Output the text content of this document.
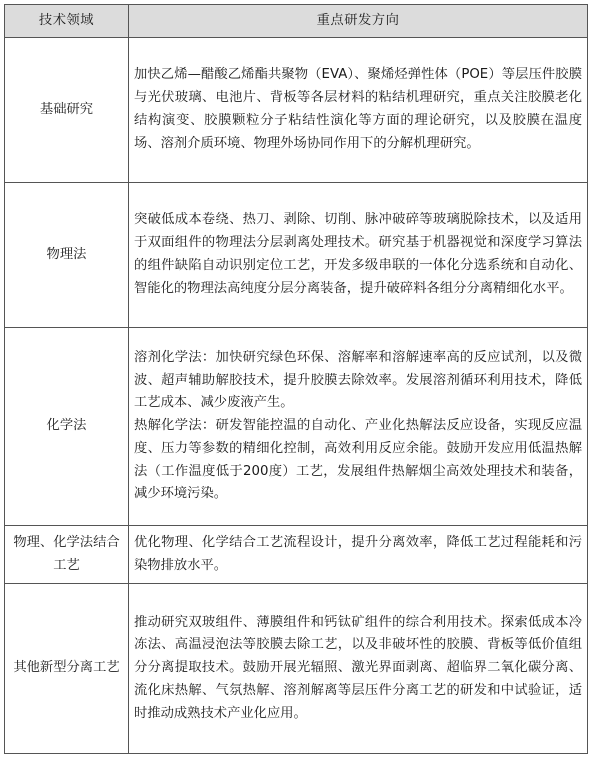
技术领域	重点研发方向
基础研究	加快乙烯—醋酸乙烯酯共聚物（EVA）、聚烯烃弹性体（POE）等层压件胶膜与光伏玻璃、电池片、背板等各层材料的粘结机理研究，重点关注胶膜老化结构演变、胶膜颗粒分子粘结性演化等方面的理论研究，以及胶膜在温度场、溶剂介质环境、物理外场协同作用下的分解机理研究。

物理法	突破低成本卷绕、热刀、剥除、切削、脉冲破碎等玻璃脱除技术，以及适用于双面组件的物理法分层剥离处理技术。研究基于机器视觉和深度学习算法的组件缺陷自动识别定位工艺，开发多级串联的一体化分选系统和自动化、智能化的物理法高纯度分层分离装备，提升破碎料各组分分离精细化水平。

化学法	溶剂化学法：加快研究绿色环保、溶解率和溶解速率高的反应试剂，以及微波、超声辅助解胶技术，提升胶膜去除效率。发展溶剂循环利用技术，降低工艺成本、减少废液产生。

热解化学法：研发智能控温的自动化、产业化热解法反应设备，实现反应温度、压力等参数的精细化控制，高效利用反应余能。鼓励开发应用低温热解法（工作温度低于200度）工艺，发展组件热解烟尘高效处理技术和装备，减少环境污染。

物理、化学法结合工艺	优化物理、化学结合工艺流程设计，提升分离效率，降低工艺过程能耗和污染物排放水平。

其他新型分离工艺	推动研究双玻组件、薄膜组件和钙钛矿组件的综合利用技术。探索低成本冷冻法、高温浸泡法等胶膜去除工艺，以及非破坏性的胶膜、背板等低价值组分分离提取技术。鼓励开展光辐照、激光界面剥离、超临界二氧化碳分离、流化床热解、气氛热解、溶剂解离等层压件分离工艺的研发和中试验证，适时推动成熟技术产业化应用。
